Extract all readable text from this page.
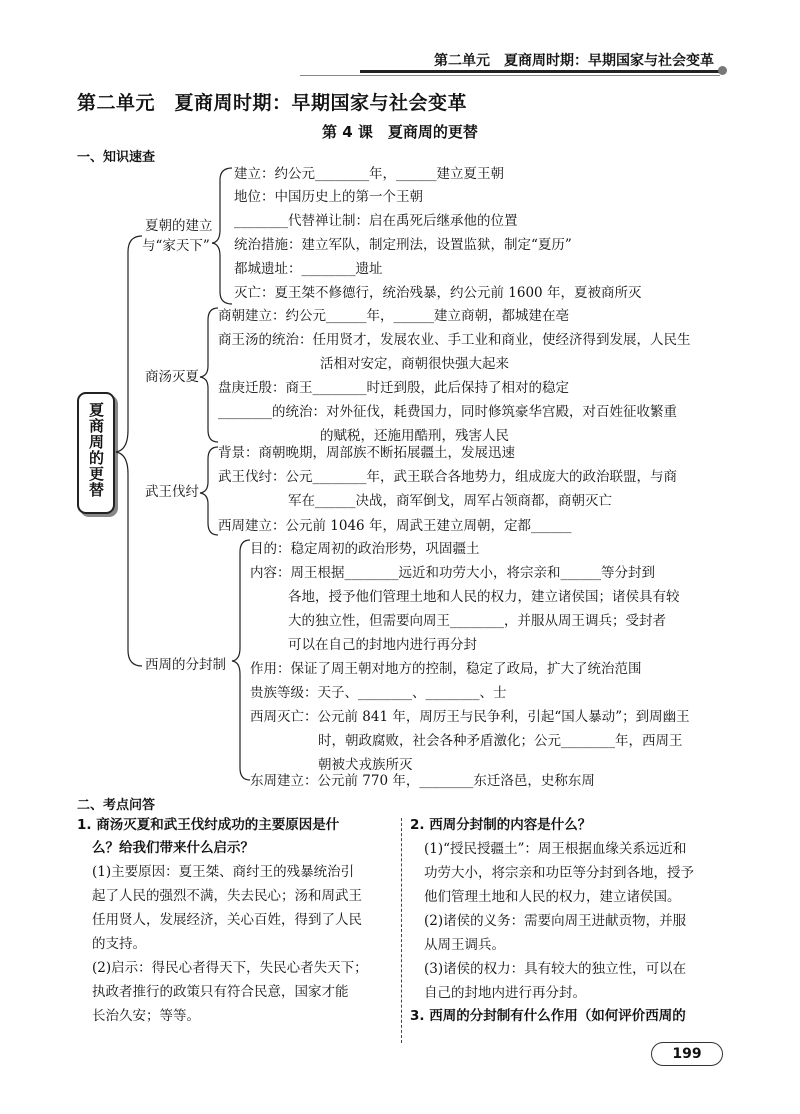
第二单元　夏商周时期：早期国家与社会变革
第二单元　夏商周时期：早期国家与社会变革
第 4 课　夏商周的更替
一、知识速查
夏商周的更替
夏朝的建立
与“家天下”
建立：约公元________年，______建立夏王朝
地位：中国历史上的第一个王朝
________代替禅让制：启在禹死后继承他的位置
统治措施：建立军队，制定刑法，设置监狱，制定“夏历”
都城遗址：________遗址
灭亡：夏王桀不修德行，统治残暴，约公元前 1600 年，夏被商所灭
商汤灭夏
商朝建立：约公元______年，______建立商朝，都城建在亳
商王汤的统治：任用贤才，发展农业、手工业和商业，使经济得到发展，人民生
活相对安定，商朝很快强大起来
盘庚迁殷：商王________时迁到殷，此后保持了相对的稳定
________的统治：对外征伐，耗费国力，同时修筑豪华宫殿，对百姓征收繁重
的赋税，还施用酷刑，残害人民
武王伐纣
背景：商朝晚期，周部族不断拓展疆土，发展迅速
武王伐纣：公元________年，武王联合各地势力，组成庞大的政治联盟，与商
军在______决战，商军倒戈，周军占领商都，商朝灭亡
西周建立：公元前 1046 年，周武王建立周朝，定都______
西周的分封制
目的：稳定周初的政治形势，巩固疆土
内容：周王根据________远近和功劳大小，将宗亲和______等分封到
各地，授予他们管理土地和人民的权力，建立诸侯国；诸侯具有较
大的独立性，但需要向周王________，并服从周王调兵；受封者
可以在自己的封地内进行再分封
作用：保证了周王朝对地方的控制，稳定了政局，扩大了统治范围
贵族等级：天子、________、________、士
西周灭亡：公元前 841 年，周厉王与民争利，引起“国人暴动”；到周幽王
时，朝政腐败，社会各种矛盾激化；公元________年，西周王
朝被犬戎族所灭
东周建立：公元前 770 年，________东迁洛邑，史称东周
二、考点问答
1. 商汤灭夏和武王伐纣成功的主要原因是什
么？给我们带来什么启示？
(1)主要原因：夏王桀、商纣王的残暴统治引
起了人民的强烈不满，失去民心；汤和周武王
任用贤人，发展经济，关心百姓，得到了人民
的支持。
(2)启示：得民心者得天下，失民心者失天下；
执政者推行的政策只有符合民意，国家才能
长治久安；等等。
2. 西周分封制的内容是什么？
(1)“授民授疆土”：周王根据血缘关系远近和
功劳大小，将宗亲和功臣等分封到各地，授予
他们管理土地和人民的权力，建立诸侯国。
(2)诸侯的义务：需要向周王进献贡物，并服
从周王调兵。
(3)诸侯的权力：具有较大的独立性，可以在
自己的封地内进行再分封。
3. 西周的分封制有什么作用（如何评价西周的
199
